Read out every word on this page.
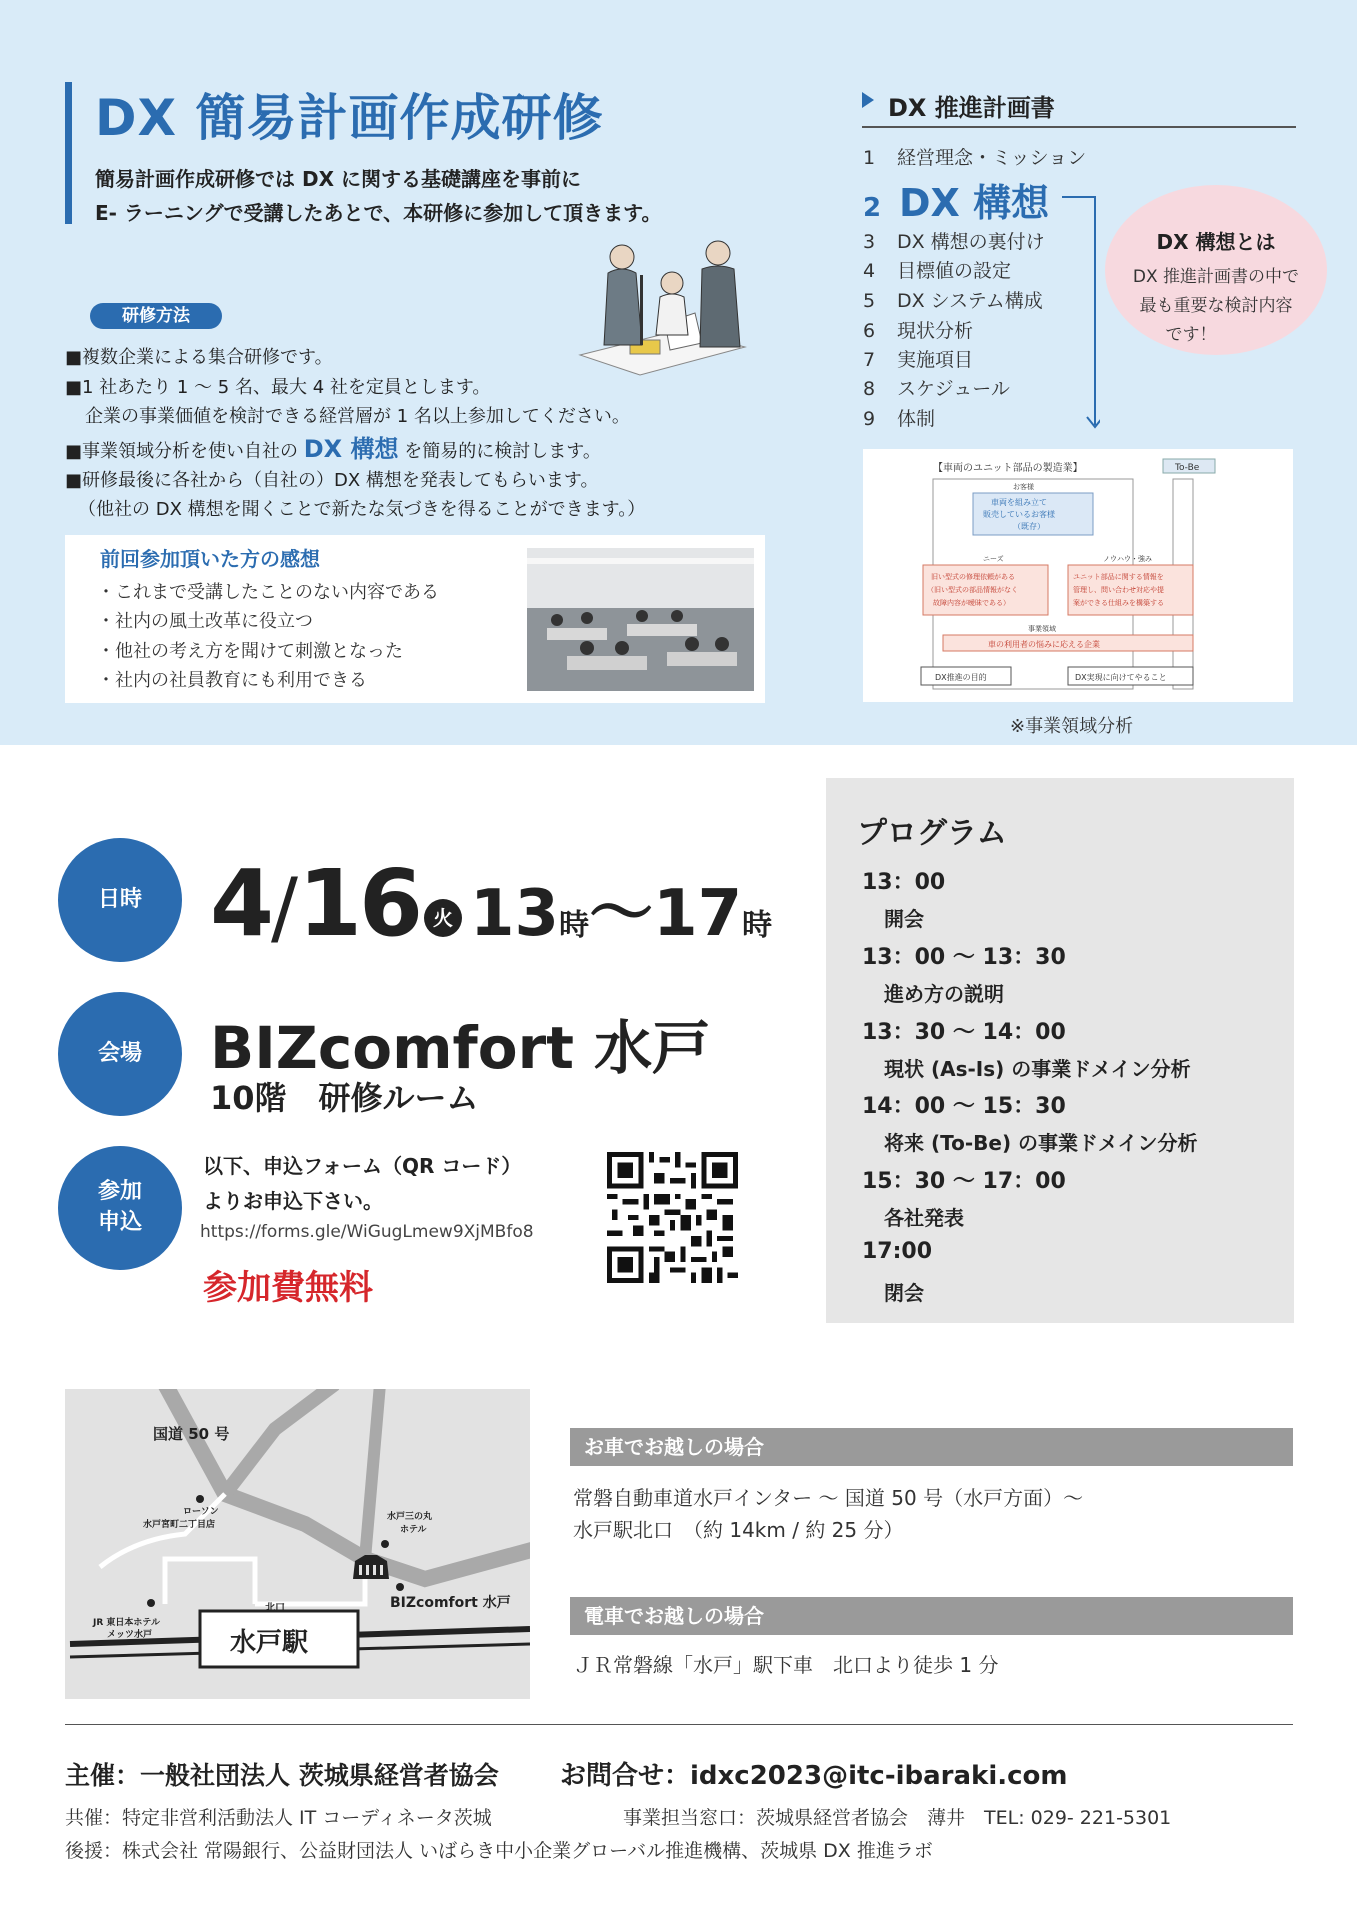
DX 簡易計画作成研修
簡易計画作成研修では DX に関する基礎講座を事前に
E- ラーニングで受講したあとで、本研修に参加して頂きます。
研修方法
■複数企業による集合研修です。
■1 社あたり 1 ～ 5 名、最大 4 社を定員とします。
企業の事業価値を検討できる経営層が 1 名以上参加してください。
■事業領域分析を使い自社の DX 構想 を簡易的に検討します。
■研修最後に各社から（自社の）DX 構想を発表してもらいます。
（他社の DX 構想を聞くことで新たな気づきを得ることができます。）
前回参加頂いた方の感想
・これまで受講したことのない内容である
・社内の風土改革に役立つ
・他社の考え方を聞けて刺激となった
・社内の社員教育にも利用できる
DX 推進計画書
1 経営理念・ミッション
2 DX 構想
3 DX 構想の裏付け
4 目標値の設定
5 DX システム構成
6 現状分析
7 実施項目
8 スケジュール
9 体制
DX 構想とは
DX 推進計画書の中で
最も重要な検討内容
です！
【車両のユニット部品の製造業】	To-Be
お客様
車両を組み立て
販売しているお客様
（既存）
ニーズ	ノウハウ・強み
旧い型式の修理依頼がある
（旧い型式の部品情報がなく
故障内容が曖昧である）
ユニット部品に関する情報を
管理し、問い合わせ対応や提
案ができる仕組みを構築する
事業領域
車の利用者の悩みに応える企業
DX推進の目的	DX実現に向けてやること
※事業領域分析
日時 4/16 火 13時～17時
会場	BIZcomfort 水戸
10階　研修ルーム
参加
申込
以下、申込フォーム（QR コード）
よりお申込下さい。
https://forms.gle/WiGugLmew9XjMBfo8
参加費無料
プログラム
13：00
開会
13：00 ～ 13：30
進め方の説明
13：30 ～ 14：00
現状 (As-Is) の事業ドメイン分析
14：00 ～ 15：30
将来 (To-Be) の事業ドメイン分析
15：30 ～ 17：00
各社発表
17:00
閉会
国道 50 号
ローソン
水戸宮町二丁目店
水戸三の丸
ホテル
BIZcomfort 水戸
北口
JR 東日本ホテル
メッツ水戸	水戸駅
お車でお越しの場合
常磐自動車道水戸インター ～ 国道 50 号（水戸方面）～
水戸駅北口　（約 14km / 約 25 分）
電車でお越しの場合
ＪＲ常磐線「水戸」駅下車　北口より徒歩 1 分
主催：一般社団法人 茨城県経営者協会 お問合せ：idxc2023@itc-ibaraki.com
共催：特定非営利活動法人 IT コーディネータ茨城	事業担当窓口：茨城県経営者協会　薄井　TEL: 029- 221-5301
後援：株式会社 常陽銀行、公益財団法人 いばらき中小企業グローバル推進機構、茨城県 DX 推進ラボ
